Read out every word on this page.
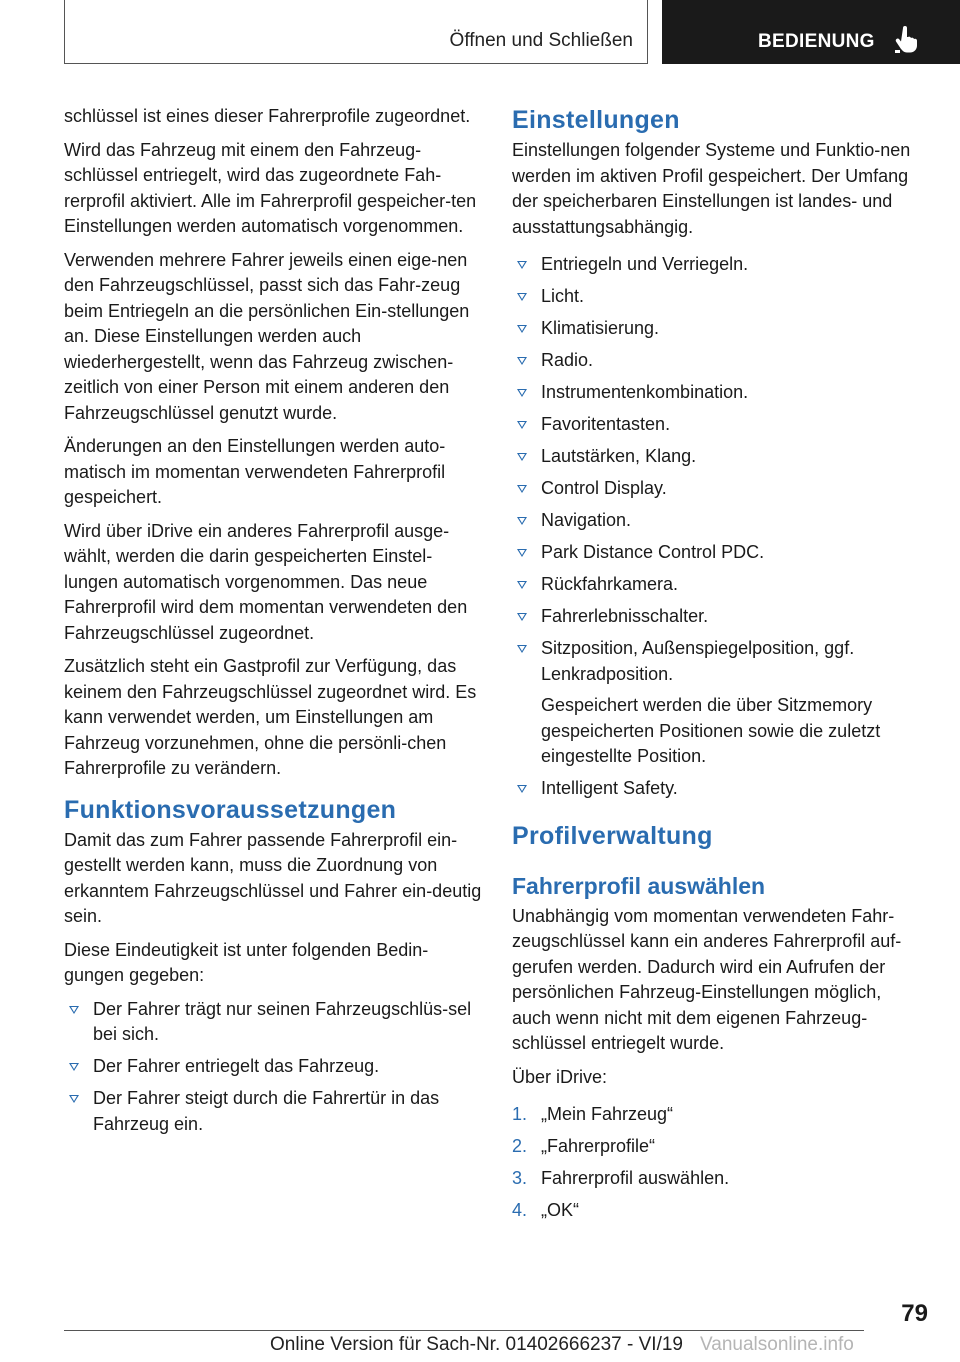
Öffnen und Schließen	BEDIENUNG

schlüssel ist eines dieser Fahrerprofile zugeordnet.

Wird das Fahrzeug mit einem den Fahrzeug-schlüssel entriegelt, wird das zugeordnete Fah-rerprofil aktiviert. Alle im Fahrerprofil gespeicher-ten Einstellungen werden automatisch vorgenommen.

Verwenden mehrere Fahrer jeweils einen eige-nen den Fahrzeugschlüssel, passt sich das Fahr-zeug beim Entriegeln an die persönlichen Ein-stellungen an. Diese Einstellungen werden auch wiederhergestellt, wenn das Fahrzeug zwischen-zeitlich von einer Person mit einem anderen den Fahrzeugschlüssel genutzt wurde.

Änderungen an den Einstellungen werden auto-matisch im momentan verwendeten Fahrerprofil gespeichert.

Wird über iDrive ein anderes Fahrerprofil ausge-wählt, werden die darin gespeicherten Einstel-lungen automatisch vorgenommen. Das neue Fahrerprofil wird dem momentan verwendeten den Fahrzeugschlüssel zugeordnet.

Zusätzlich steht ein Gastprofil zur Verfügung, das keinem den Fahrzeugschlüssel zugeordnet wird. Es kann verwendet werden, um Einstellungen am Fahrzeug vorzunehmen, ohne die persönli-chen Fahrerprofile zu verändern.

Funktionsvoraussetzungen

Damit das zum Fahrer passende Fahrerprofil ein-gestellt werden kann, muss die Zuordnung von erkanntem Fahrzeugschlüssel und Fahrer ein-deutig sein.

Diese Eindeutigkeit ist unter folgenden Bedin-gungen gegeben:

Der Fahrer trägt nur seinen Fahrzeugschlüs-sel bei sich.
Der Fahrer entriegelt das Fahrzeug.
Der Fahrer steigt durch die Fahrertür in das Fahrzeug ein.
Einstellungen

Einstellungen folgender Systeme und Funktio-nen werden im aktiven Profil gespeichert. Der Umfang der speicherbaren Einstellungen ist landes- und ausstattungsabhängig.

Entriegeln und Verriegeln.
Licht.
Klimatisierung.
Radio.
Instrumentenkombination.
Favoritentasten.
Lautstärken, Klang.
Control Display.
Navigation.
Park Distance Control PDC.
Rückfahrkamera.
Fahrerlebnisschalter.
Sitzposition, Außenspiegelposition, ggf. Lenkradposition.
Gespeichert werden die über Sitzmemory gespeicherten Positionen sowie die zuletzt eingestellte Position.
Intelligent Safety.
Profilverwaltung
Fahrerprofil auswählen

Unabhängig vom momentan verwendeten Fahr-zeugschlüssel kann ein anderes Fahrerprofil auf-gerufen werden. Dadurch wird ein Aufrufen der persönlichen Fahrzeug-Einstellungen möglich, auch wenn nicht mit dem eigenen Fahrzeug-schlüssel entriegelt wurde.

Über iDrive:

1. „Mein Fahrzeug“
2. „Fahrerprofile“
3. Fahrerprofil auswählen.
4. „OK“
79
Online Version für Sach-Nr. 01402666237 - VI/19 Vanualsonline.info
